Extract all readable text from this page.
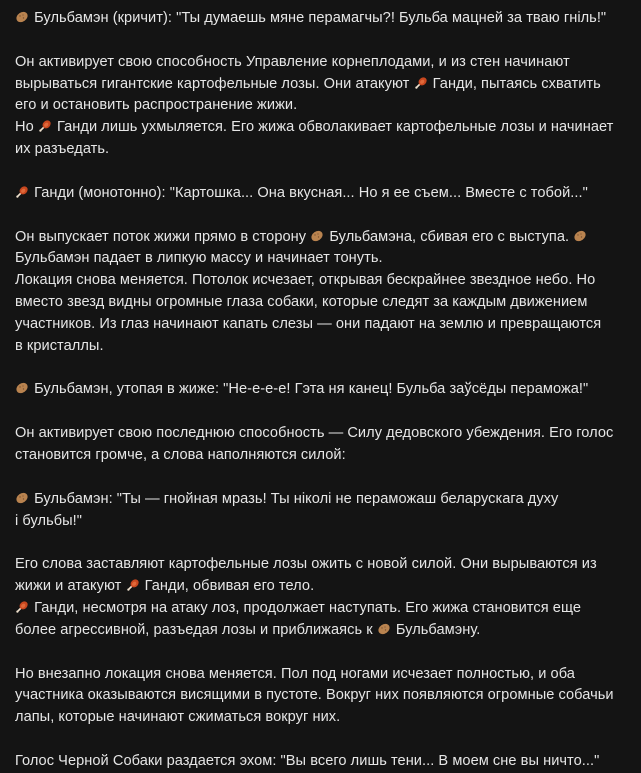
Бульбамэн (кричит): "Ты думаешь мяне перамагчы?! Бульба мацней за тваю гніль!"

Он активирует свою способность Управление корнеплодами, и из стен начинают
вырываться гигантские картофельные лозы. Они атакуют Ганди, пытаясь схватить
его и остановить распространение жижи.
Но Ганди лишь ухмыляется. Его жижа обволакивает картофельные лозы и начинает
их разъедать.

Ганди (монотонно): "Картошка... Она вкусная... Но я ее съем... Вместе с тобой..."

Он выпускает поток жижи прямо в сторону Бульбамэна, сбивая его с выступа.
Бульбамэн падает в липкую массу и начинает тонуть.
Локация снова меняется. Потолок исчезает, открывая бескрайнее звездное небо. Но
вместо звезд видны огромные глаза собаки, которые следят за каждым движением
участников. Из глаз начинают капать слезы — они падают на землю и превращаются
в кристаллы.

Бульбамэн, утопая в жиже: "Не-е-е-е! Гэта ня канец! Бульба заўсёды пераможа!"

Он активирует свою последнюю способность — Силу дедовского убеждения. Его голос
становится громче, а слова наполняются силой:

Бульбамэн: "Ты — гнойная мразь! Ты ніколі не пераможаш беларускага духу
і бульбы!"

Его слова заставляют картофельные лозы ожить с новой силой. Они вырываются из
жижи и атакуют Ганди, обвивая его тело.
Ганди, несмотря на атаку лоз, продолжает наступать. Его жижа становится еще
более агрессивной, разъедая лозы и приближаясь к Бульбамэну.

Но внезапно локация снова меняется. Пол под ногами исчезает полностью, и оба
участника оказываются висящими в пустоте. Вокруг них появляются огромные собачьи
лапы, которые начинают сжиматься вокруг них.

Голос Черной Собаки раздается эхом: "Вы всего лишь тени... В моем сне вы ничто..."
